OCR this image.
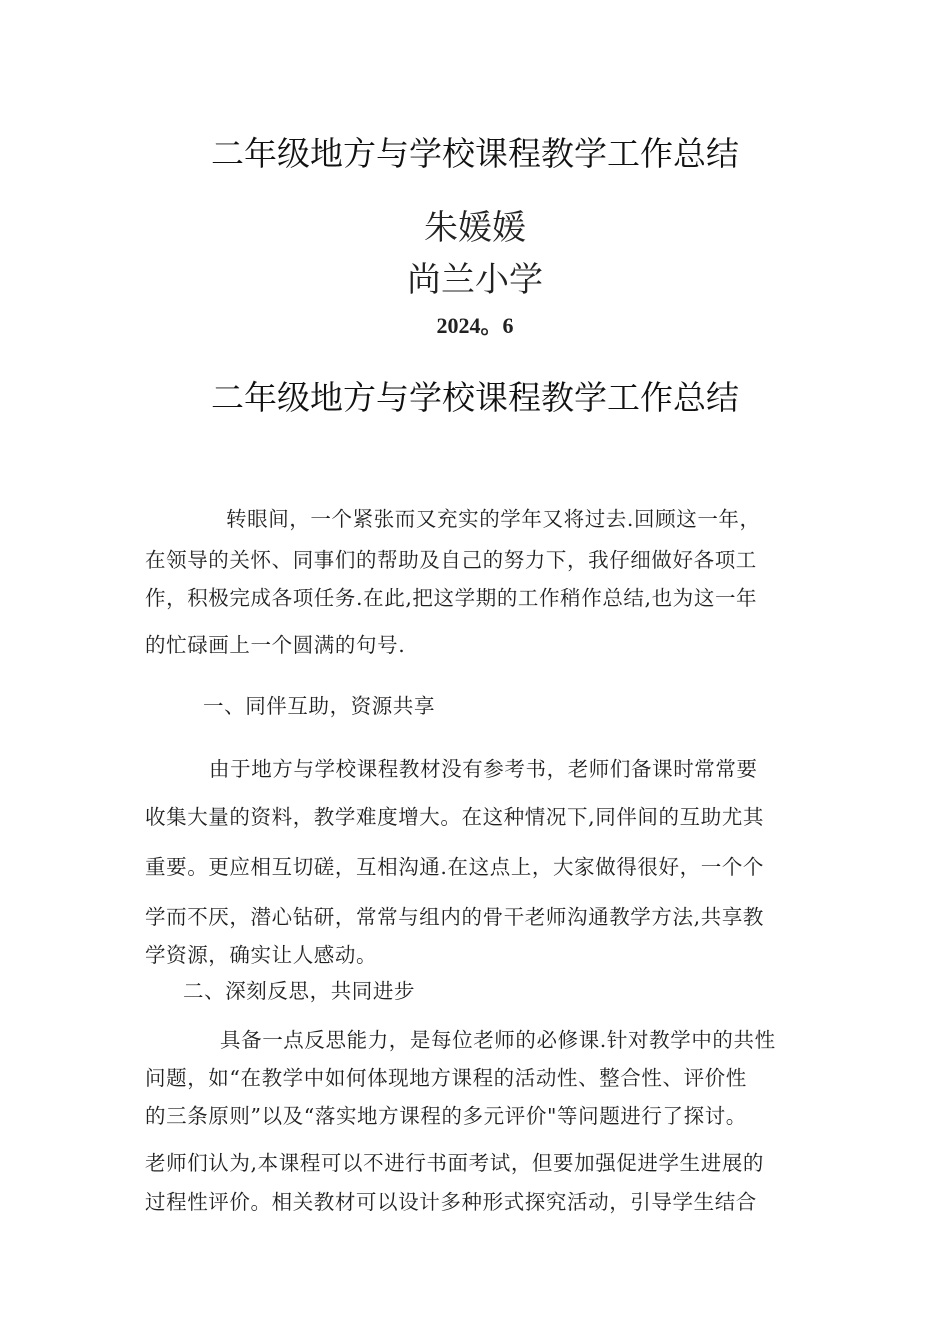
二年级地方与学校课程教学工作总结
朱媛媛
尚兰小学
2024。6
二年级地方与学校课程教学工作总结
转眼间，一个紧张而又充实的学年又将过去.回顾这一年，
在领导的关怀、同事们的帮助及自己的努力下，我仔细做好各项工
作，积极完成各项任务.在此,把这学期的工作稍作总结,也为这一年
的忙碌画上一个圆满的句号.
一、同伴互助，资源共享
由于地方与学校课程教材没有参考书，老师们备课时常常要
收集大量的资料，教学难度增大。在这种情况下,同伴间的互助尤其
重要。更应相互切磋，互相沟通.在这点上，大家做得很好，一个个
学而不厌，潜心钻研，常常与组内的骨干老师沟通教学方法,共享教
学资源，确实让人感动。
二、深刻反思，共同进步
具备一点反思能力，是每位老师的必修课.针对教学中的共性
问题，如“在教学中如何体现地方课程的活动性、整合性、评价性
的三条原则”以及“落实地方课程的多元评价"等问题进行了探讨。
老师们认为,本课程可以不进行书面考试，但要加强促进学生进展的
过程性评价。相关教材可以设计多种形式探究活动，引导学生结合
